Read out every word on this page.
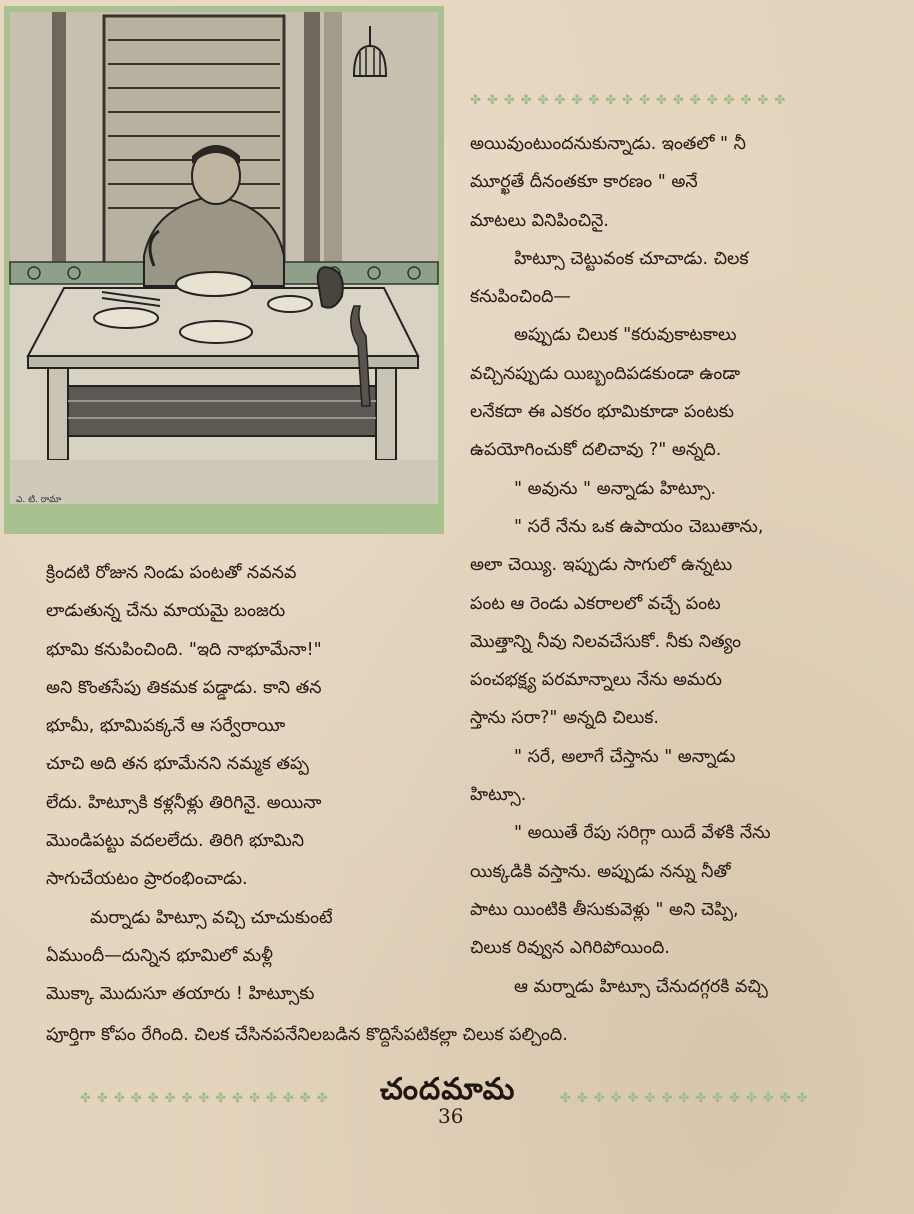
ఎ. టి. రామా
✤ ✤ ✤ ✤ ✤ ✤ ✤ ✤ ✤ ✤ ✤ ✤ ✤ ✤ ✤ ✤ ✤ ✤ ✤

అయివుంటుందనుకున్నాడు. ఇంతలో " నీ

మూర్ఖతే దీనంతకూ కారణం " అనే

మాటలు వినిపించినై.

హిట్సూ చెట్టువంక చూచాడు. చిలక

కనుపించింది—

అప్పుడు చిలుక "కరువుకాటకాలు

వచ్చినప్పుడు యిబ్బందిపడకుండా ఉండా

లనేకదా ఈ ఎకరం భూమికూడా పంటకు

ఉపయోగించుకో దలిచావు ?" అన్నది.

" అవును " అన్నాడు హిట్సూ.

" సరే నేను ఒక ఉపాయం చెబుతాను,

అలా చెయ్యి. ఇప్పుడు సాగులో ఉన్నటు

పంట ఆ రెండు ఎకరాలలో వచ్చే పంట

మొత్తాన్ని నీవు నిలవచేసుకో. నీకు నిత్యం

పంచభక్ష్య పరమాన్నాలు నేను అమరు

స్తాను సరా?" అన్నది చిలుక.

" సరే, అలాగే చేస్తాను " అన్నాడు

హిట్సూ.

" అయితే రేపు సరిగ్గా యిదే వేళకి నేను

యిక్కడికి వస్తాను. అప్పుడు నన్ను నీతో

పాటు యింటికి తీసుకువెళ్లు " అని చెప్పి,

చిలుక రివ్వున ఎగిరిపోయింది.

ఆ మర్నాడు హిట్సూ చేనుదగ్గరకి వచ్చి

క్రిందటి రోజున నిండు పంటతో నవనవ

లాడుతున్న చేను మాయమై బంజరు

భూమి కనుపించింది. "ఇది నాభూమేనా!"

అని కొంతసేపు తికమక పడ్డాడు. కాని తన

భూమీ, భూమిపక్కనే ఆ సర్వేరాయీ

చూచి అది తన భూమేనని నమ్మక తప్ప

లేదు. హిట్సూకి కళ్లనీళ్లు తిరిగినై. అయినా

మొండిపట్టు వదలలేదు. తిరిగి భూమిని

సాగుచేయటం ప్రారంభించాడు.

మర్నాడు హిట్సూ వచ్చి చూచుకుంటే

ఏముందీ—దున్నిన భూమిలో మళ్లీ

మొక్కా మొదుసూ తయారు ! హిట్సూకు

పూర్తిగా కోపం రేగింది. చిలక చేసినపనేనిలబడిన కొద్దిసేపటికల్లా చిలుక పల్చింది.
✤ ✤ ✤ ✤ ✤ ✤ ✤ ✤ ✤ ✤ ✤ ✤ ✤ ✤ ✤	✤ ✤ ✤ ✤ ✤ ✤ ✤ ✤ ✤ ✤ ✤ ✤ ✤ ✤ ✤
చందమామ
36
